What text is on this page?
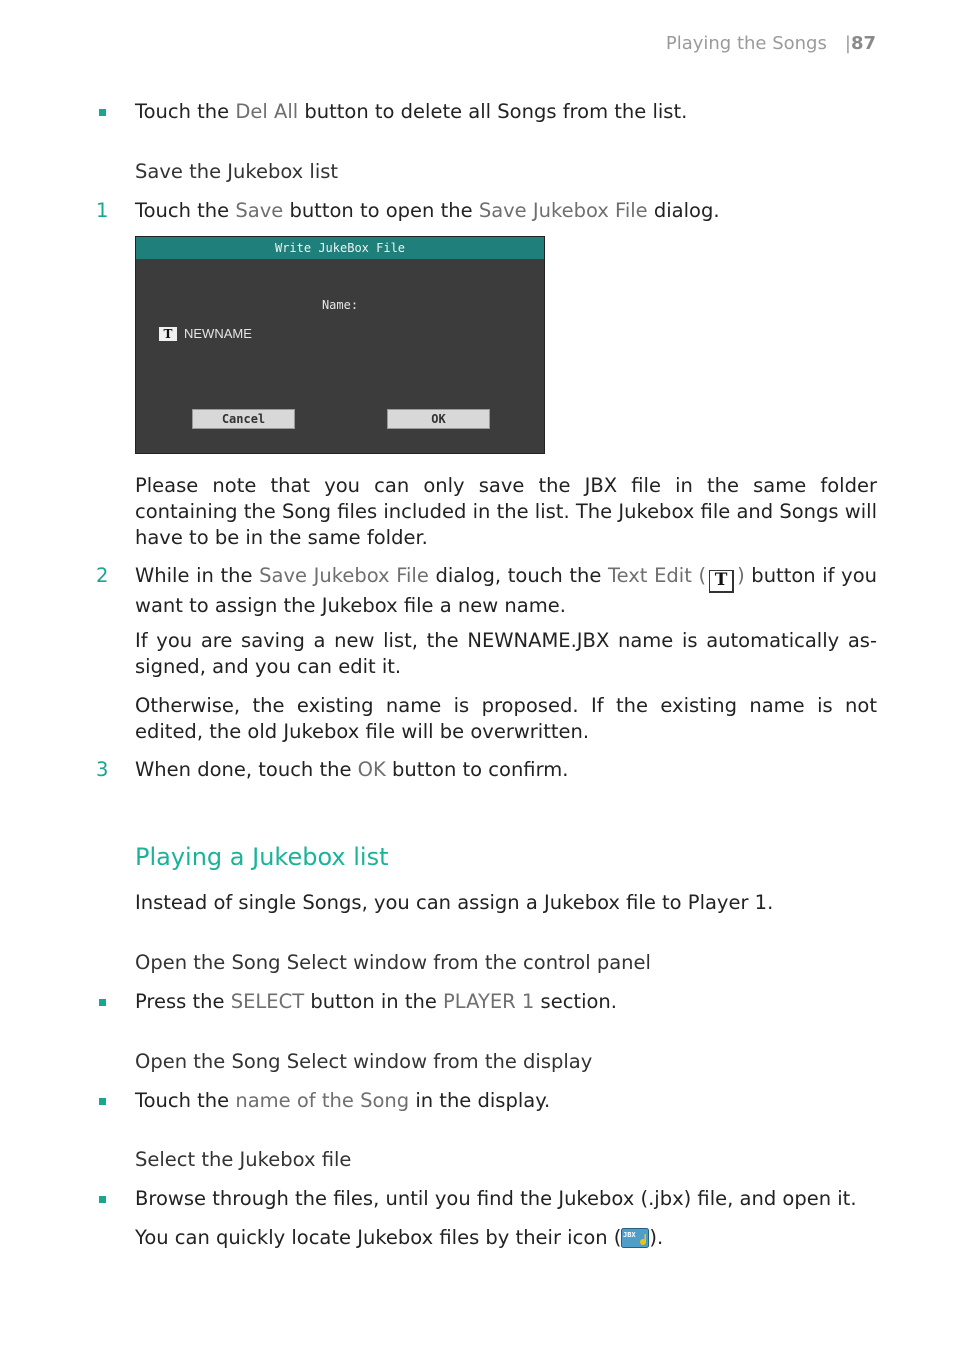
Playing the Songs |87
Touch the Del All button to delete all Songs from the list.
Save the Jukebox list
1 Touch the Save button to open the Save Jukebox File dialog.
Write JukeBox File
Name:
T NEWNAME
Cancel	OK
Please note that you can only save the JBX file in the same folder containing the Song files included in the list. The Jukebox file and Songs will have to be in the same folder.
2 While in the Save Jukebox File dialog, touch the Text Edit ( T ) button if you want to assign the Jukebox file a new name.
If you are saving a new list, the NEWNAME.JBX name is automatically as-signed, and you can edit it.
Otherwise, the existing name is proposed. If the existing name is not edited, the old Jukebox file will be overwritten.
3 When done, touch the OK button to confirm.
Playing a Jukebox list
Instead of single Songs, you can assign a Jukebox file to Player 1.
Open the Song Select window from the control panel
Press the SELECT button in the PLAYER 1 section.
Open the Song Select window from the display
Touch the name of the Song in the display.
Select the Jukebox file
Browse through the files, until you find the Jukebox (.jbx) file, and open it.
You can quickly locate Jukebox files by their icon ( JBX ).
